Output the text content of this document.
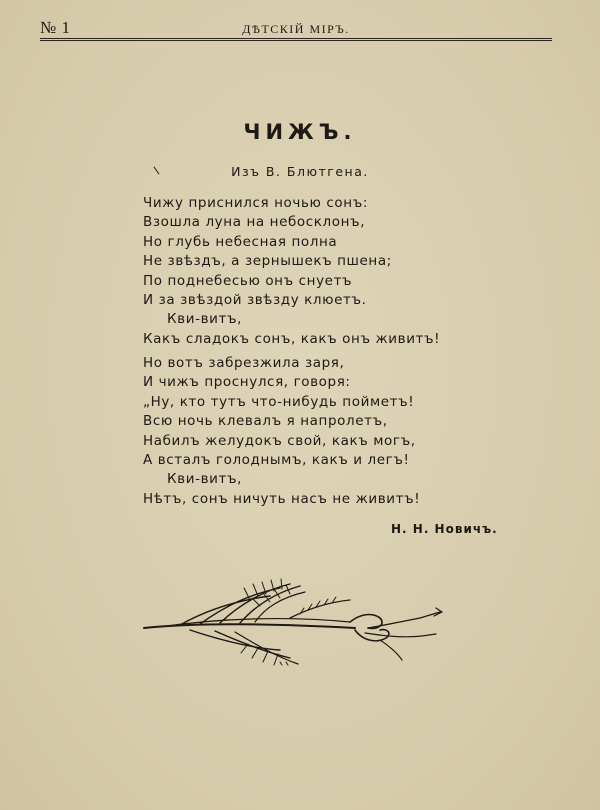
№ 1	ДѢТСКІЙ МІРЪ.
ЧИЖЪ.
Изъ В. Блютгена.
Чижу приснился ночью сонъ:
Взошла луна на небосклонъ,
Но глубь небесная полна
Не звѣздъ, а зернышекъ пшена;
По поднебесью онъ снуетъ
И за звѣздой звѣзду клюетъ.
Кви-витъ,
Какъ сладокъ сонъ, какъ онъ живитъ!
Но вотъ забрезжила заря,
И чижъ проснулся, говоря:
„Ну, кто тутъ что-нибудь пойметъ!
Всю ночь клевалъ я напролетъ,
Набилъ желудокъ свой, какъ могъ,
А всталъ голоднымъ, какъ и легъ!
Кви-витъ,
Нѣтъ, сонъ ничуть насъ не живитъ!
Н. Н. Новичъ.
